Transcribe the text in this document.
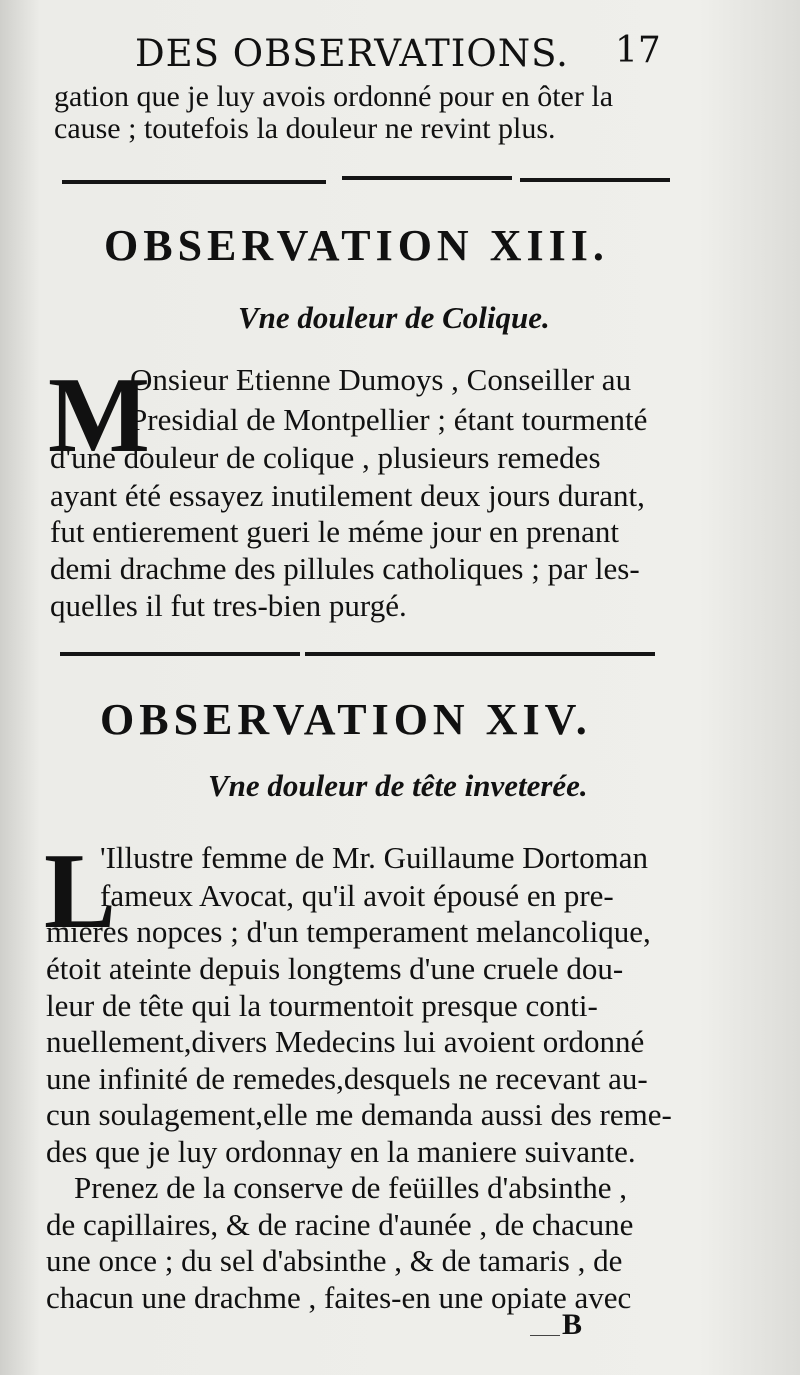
DES OBSERVATIONS. 17
gation que je luy avois ordonné pour en ôter la
cause ; toutefois la douleur ne revint plus.
OBSERVATION XIII.
Vne douleur de Colique.
M
Onsieur Etienne Dumoys , Conseiller au
Presidial de Montpellier ; étant tourmenté
d'une douleur de colique , plusieurs remedes
ayant été essayez inutilement deux jours durant,
fut entierement gueri le méme jour en prenant
demi drachme des pillules catholiques ; par les-
quelles il fut tres-bien purgé.
OBSERVATION XIV.
Vne douleur de tête inveterée.
L
'Illustre femme de Mr. Guillaume Dortoman
fameux Avocat, qu'il avoit épousé en pre-
mieres nopces ; d'un temperament melancolique,
étoit ateinte depuis longtems d'une cruele dou-
leur de tête qui la tourmentoit presque conti-
nuellement,divers Medecins lui avoient ordonné
une infinité de remedes,desquels ne recevant au-
cun soulagement,elle me demanda aussi des reme-
des que je luy ordonnay en la maniere suivante.
Prenez de la conserve de feüilles d'absinthe ,
de capillaires, & de racine d'aunée , de chacune
une once ; du sel d'absinthe , & de tamaris , de
chacun une drachme , faites-en une opiate avec
B
